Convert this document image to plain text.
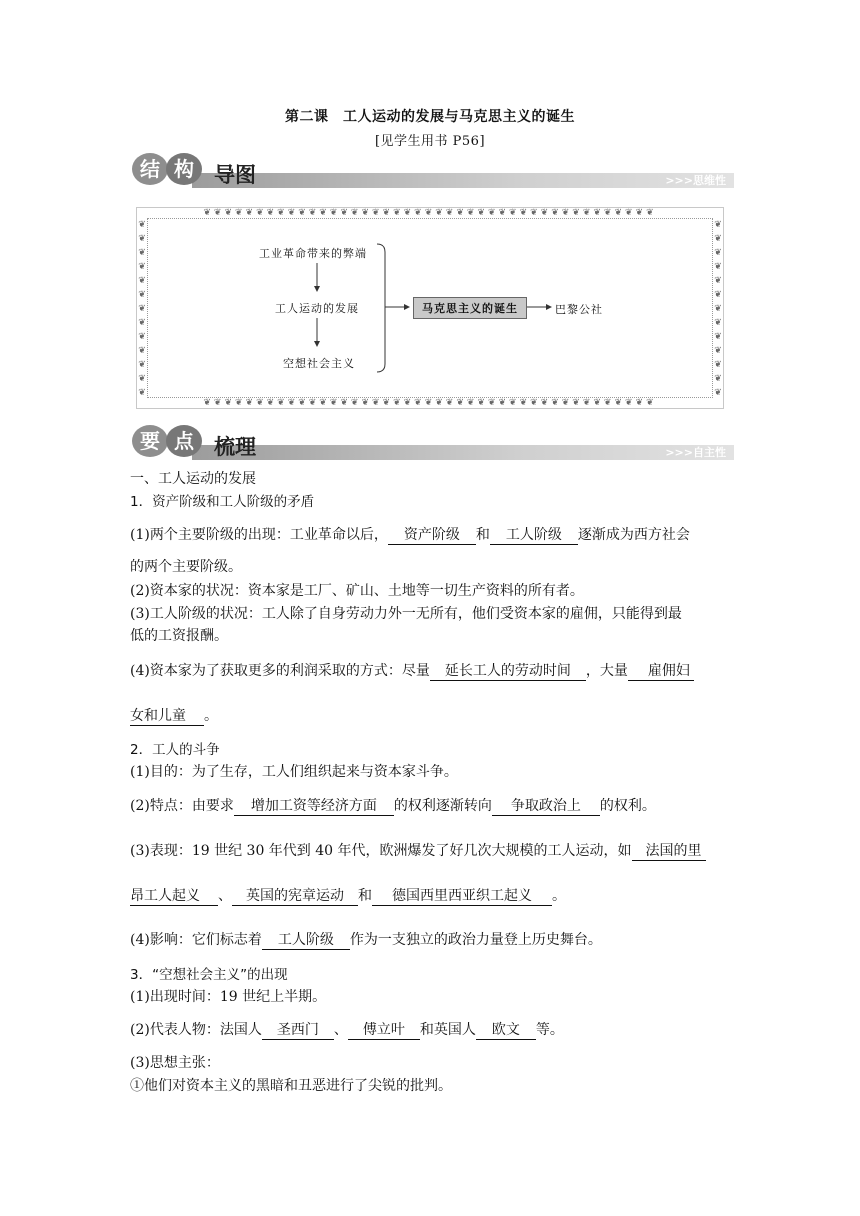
第二课　工人运动的发展与马克思主义的诞生
[见学生用书 P56]
结 构 导图	>>>思维性
❦❦❦❦❦❦❦❦❦❦❦❦❦❦❦❦❦❦❦❦❦❦❦❦❦❦❦❦❦❦❦❦❦❦❦❦❦❦❦❦❦❦❦
❦❦❦❦❦❦❦❦❦❦❦❦❦❦❦❦❦❦❦❦❦❦❦❦❦❦❦❦❦❦❦❦❦❦❦❦❦❦❦❦❦❦❦
❦
❦
❦
❦
❦
❦
❦
❦
❦
❦
❦
❦
❦
❦
❦
❦
❦
❦
❦
❦
❦
❦
❦
❦
❦
❦
工业革命带来的弊端
工人运动的发展
空想社会主义
马克思主义的诞生	巴黎公社
要 点 梳理	>>>自主性
一、工人运动的发展
1．资产阶级和工人阶级的矛盾
(1)两个主要阶级的出现：工业革命以后， 资产阶级 和 工人阶级 逐渐成为西方社会
的两个主要阶级。
(2)资本家的状况：资本家是工厂、矿山、土地等一切生产资料的所有者。
(3)工人阶级的状况：工人除了自身劳动力外一无所有，他们受资本家的雇佣，只能得到最
低的工资报酬。
(4)资本家为了获取更多的利润采取的方式：尽量 延长工人的劳动时间 ，大量 雇佣妇
女和儿童 。
2．工人的斗争
(1)目的：为了生存，工人们组织起来与资本家斗争。
(2)特点：由要求 增加工资等经济方面 的权利逐渐转向 争取政治上 的权利。
(3)表现：19 世纪 30 年代到 40 年代，欧洲爆发了好几次大规模的工人运动，如 法国的里
昂工人起义 、 英国的宪章运动 和 德国西里西亚织工起义 。
(4)影响：它们标志着 工人阶级 作为一支独立的政治力量登上历史舞台。
3．“空想社会主义”的出现
(1)出现时间：19 世纪上半期。
(2)代表人物：法国人 圣西门 、 傅立叶 和英国人 欧文 等。
(3)思想主张：
①他们对资本主义的黑暗和丑恶进行了尖锐的批判。
